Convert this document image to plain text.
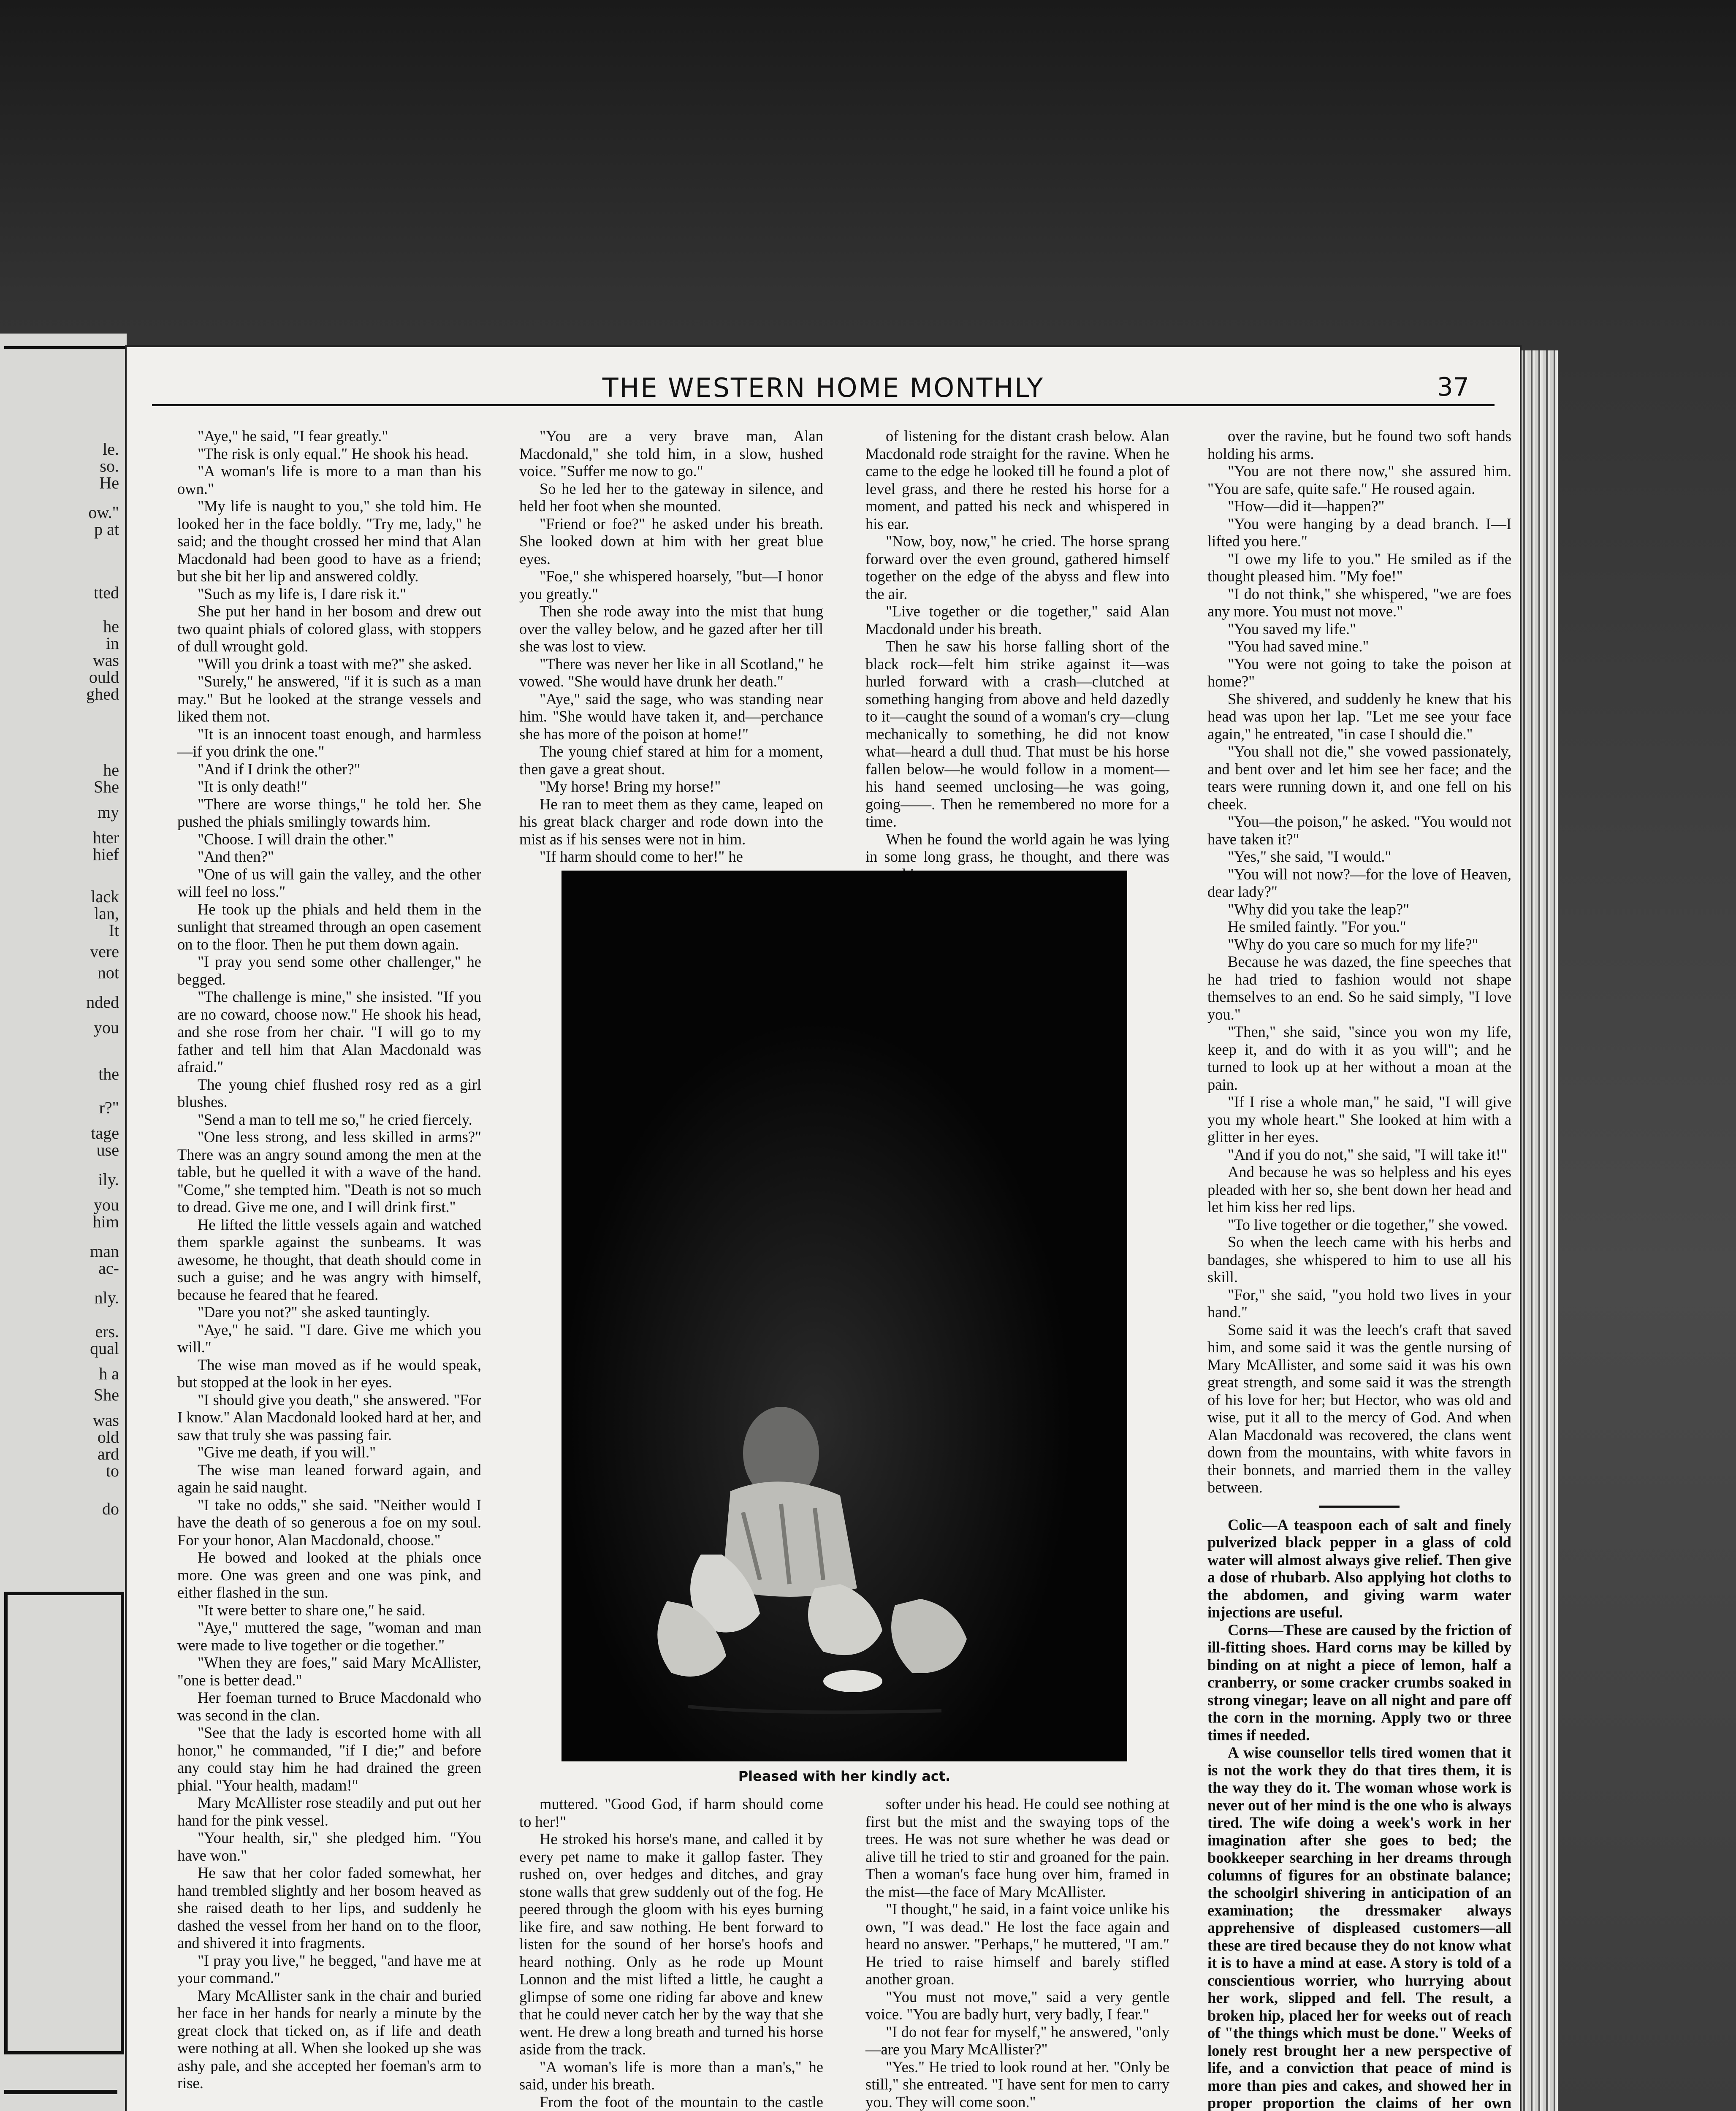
le.
so.
He
ow."
p at
tted
he
in
was
ould
ghed
he
She
my
hter
hief
lack
lan,
It
vere
not
nded
you
the
r?"
tage
use
ily.
you
him
man
ac-
nly.
ers.
qual
h a
She
was
old
ard
to
do
THE WESTERN HOME MONTHLY	37

"Aye," he said, "I fear greatly."

"The risk is only equal." He shook his head.

"A woman's life is more to a man than his own."

"My life is naught to you," she told him. He looked her in the face boldly. "Try me, lady," he said; and the thought crossed her mind that Alan Macdonald had been good to have as a friend; but she bit her lip and answered coldly.

"Such as my life is, I dare risk it."

She put her hand in her bosom and drew out two quaint phials of colored glass, with stoppers of dull wrought gold.

"Will you drink a toast with me?" she asked.

"Surely," he answered, "if it is such as a man may." But he looked at the strange vessels and liked them not.

"It is an innocent toast enough, and harmless—if you drink the one."

"And if I drink the other?"

"It is only death!"

"There are worse things," he told her. She pushed the phials smilingly towards him.

"Choose. I will drain the other."

"And then?"

"One of us will gain the valley, and the other will feel no loss."

He took up the phials and held them in the sunlight that streamed through an open casement on to the floor. Then he put them down again.

"I pray you send some other challenger," he begged.

"The challenge is mine," she insisted. "If you are no coward, choose now." He shook his head, and she rose from her chair. "I will go to my father and tell him that Alan Macdonald was afraid."

The young chief flushed rosy red as a girl blushes.

"Send a man to tell me so," he cried fiercely.

"One less strong, and less skilled in arms?" There was an angry sound among the men at the table, but he quelled it with a wave of the hand. "Come," she tempted him. "Death is not so much to dread. Give me one, and I will drink first."

He lifted the little vessels again and watched them sparkle against the sunbeams. It was awesome, he thought, that death should come in such a guise; and he was angry with himself, because he feared that he feared.

"Dare you not?" she asked tauntingly.

"Aye," he said. "I dare. Give me which you will."

The wise man moved as if he would speak, but stopped at the look in her eyes.

"I should give you death," she answered. "For I know." Alan Macdonald looked hard at her, and saw that truly she was passing fair.

"Give me death, if you will."

The wise man leaned forward again, and again he said naught.

"I take no odds," she said. "Neither would I have the death of so generous a foe on my soul. For your honor, Alan Macdonald, choose."

He bowed and looked at the phials once more. One was green and one was pink, and either flashed in the sun.

"It were better to share one," he said.

"Aye," muttered the sage, "woman and man were made to live together or die together."

"When they are foes," said Mary McAllister, "one is better dead."

Her foeman turned to Bruce Macdonald who was second in the clan.

"See that the lady is escorted home with all honor," he commanded, "if I die;" and before any could stay him he had drained the green phial. "Your health, madam!"

Mary McAllister rose steadily and put out her hand for the pink vessel.

"Your health, sir," she pledged him. "You have won."

He saw that her color faded somewhat, her hand trembled slightly and her bosom heaved as she raised death to her lips, and suddenly he dashed the vessel from her hand on to the floor, and shivered it into fragments.

"I pray you live," he begged, "and have me at your command."

Mary McAllister sank in the chair and buried her face in her hands for nearly a minute by the great clock that ticked on, as if life and death were nothing at all. When she looked up she was ashy pale, and she accepted her foeman's arm to rise.

"You are a very brave man, Alan Macdonald," she told him, in a slow, hushed voice. "Suffer me now to go."

So he led her to the gateway in silence, and held her foot when she mounted.

"Friend or foe?" he asked under his breath. She looked down at him with her great blue eyes.

"Foe," she whispered hoarsely, "but—I honor you greatly."

Then she rode away into the mist that hung over the valley below, and he gazed after her till she was lost to view.

"There was never her like in all Scotland," he vowed. "She would have drunk her death."

"Aye," said the sage, who was standing near him. "She would have taken it, and—perchance she has more of the poison at home!"

The young chief stared at him for a moment, then gave a great shout.

"My horse! Bring my horse!"

He ran to meet them as they came, leaped on his great black charger and rode down into the mist as if his senses were not in him.

"If harm should come to her!" he

of listening for the distant crash below. Alan Macdonald rode straight for the ravine. When he came to the edge he looked till he found a plot of level grass, and there he rested his horse for a moment, and patted his neck and whispered in his ear.

"Now, boy, now," he cried. The horse sprang forward over the even ground, gathered himself together on the edge of the abyss and flew into the air.

"Live together or die together," said Alan Macdonald under his breath.

Then he saw his horse falling short of the black rock—felt him strike against it—was hurled forward with a crash—clutched at something hanging from above and held dazedly to it—caught the sound of a woman's cry—clung mechanically to something, he did not know what—heard a dull thud. That must be his horse fallen below—he would follow in a moment—his hand seemed unclosing—he was going, going——. Then he remembered no more for a time.

When he found the world again he was lying in some long grass, he thought, and there was

over the ravine, but he found two soft hands holding his arms.

"You are not there now," she assured him. "You are safe, quite safe." He roused again.

"How—did it—happen?"

"You were hanging by a dead branch. I—I lifted you here."

"I owe my life to you." He smiled as if the thought pleased him. "My foe!"

"I do not think," she whispered, "we are foes any more. You must not move."

"You saved my life."

"You had saved mine."

"You were not going to take the poison at home?"

She shivered, and suddenly he knew that his head was upon her lap. "Let me see your face again," he entreated, "in case I should die."

"You shall not die," she vowed passionately, and bent over and let him see her face; and the tears were running down it, and one fell on his cheek.

"You—the poison," he asked. "You would not have taken it?"

"Yes," she said, "I would."

"You will not now?—for the love of Heaven, dear lady?"

"Why did you take the leap?"

He smiled faintly. "For you."

"Why do you care so much for my life?"

Because he was dazed, the fine speeches that he had tried to fashion would not shape themselves to an end. So he said simply, "I love you."

"Then," she said, "since you won my life, keep it, and do with it as you will"; and he turned to look up at her without a moan at the pain.

"If I rise a whole man," he said, "I will give you my whole heart." She looked at him with a glitter in her eyes.

"And if you do not," she said, "I will take it!"

And because he was so helpless and his eyes pleaded with her so, she bent down her head and let him kiss her red lips.

"To live together or die together," she vowed.

So when the leech came with his herbs and bandages, she whispered to him to use all his skill.

"For," she said, "you hold two lives in your hand."

Some said it was the leech's craft that saved him, and some said it was the gentle nursing of Mary McAllister, and some said it was his own great strength, and some said it was the strength of his love for her; but Hector, who was old and wise, put it all to the mercy of God. And when Alan Macdonald was recovered, the clans went down from the mountains, with white favors in their bonnets, and married them in the valley between.

Colic—A teaspoon each of salt and finely pulverized black pepper in a glass of cold water will almost always give relief. Then give a dose of rhubarb. Also applying hot cloths to the abdomen, and giving warm water injections are useful.

Corns—These are caused by the friction of ill-fitting shoes. Hard corns may be killed by binding on at night a piece of lemon, half a cranberry, or some cracker crumbs soaked in strong vinegar; leave on all night and pare off the corn in the morning. Apply two or three times if needed.

A wise counsellor tells tired women that it is not the work they do that tires them, it is the way they do it. The woman whose work is never out of her mind is the one who is always tired. The wife doing a week's work in her imagination after she goes to bed; the bookkeeper searching in her dreams through columns of figures for an obstinate balance; the schoolgirl shivering in anticipation of an examination; the dressmaker always apprehensive of displeased customers—all these are tired because they do not know what it is to have a mind at ease. A story is told of a conscientious worrier, who hurrying about her work, slipped and fell. The result, a broken hip, placed her for weeks out of reach of "the things which must be done." Weeks of lonely rest brought her a new perspective of life, and a conviction that peace of mind is more than pies and cakes, and showed her in proper proportion the claims of her own

Pleased with her kindly act.

muttered. "Good God, if harm should come to her!"

He stroked his horse's mane, and called it by every pet name to make it gallop faster. They rushed on, over hedges and ditches, and gray stone walls that grew suddenly out of the fog. He peered through the gloom with his eyes burning like fire, and saw nothing. He bent forward to listen for the sound of her horse's hoofs and heard nothing. Only as he rode up Mount Lonnon and the mist lifted a little, he caught a glimpse of some one riding far above and knew that he could never catch her by the way that she went. He drew a long breath and turned his horse aside from the track.

"A woman's life is more than a man's," he said, under his breath.

From the foot of the mountain to the castle

softer under his head. He could see nothing at first but the mist and the swaying tops of the trees. He was not sure whether he was dead or alive till he tried to stir and groaned for the pain. Then a woman's face hung over him, framed in the mist—the face of Mary McAllister.

"I thought," he said, in a faint voice unlike his own, "I was dead." He lost the face again and heard no answer. "Perhaps," he muttered, "I am." He tried to raise himself and barely stifled another groan.

"You must not move," said a very gentle voice. "You are badly hurt, very badly, I fear."

"I do not fear for myself," he answered, "only—are you Mary McAllister?"

"Yes." He tried to look round at her. "Only be still," she entreated. "I have sent for men to carry you. They will come soon."
